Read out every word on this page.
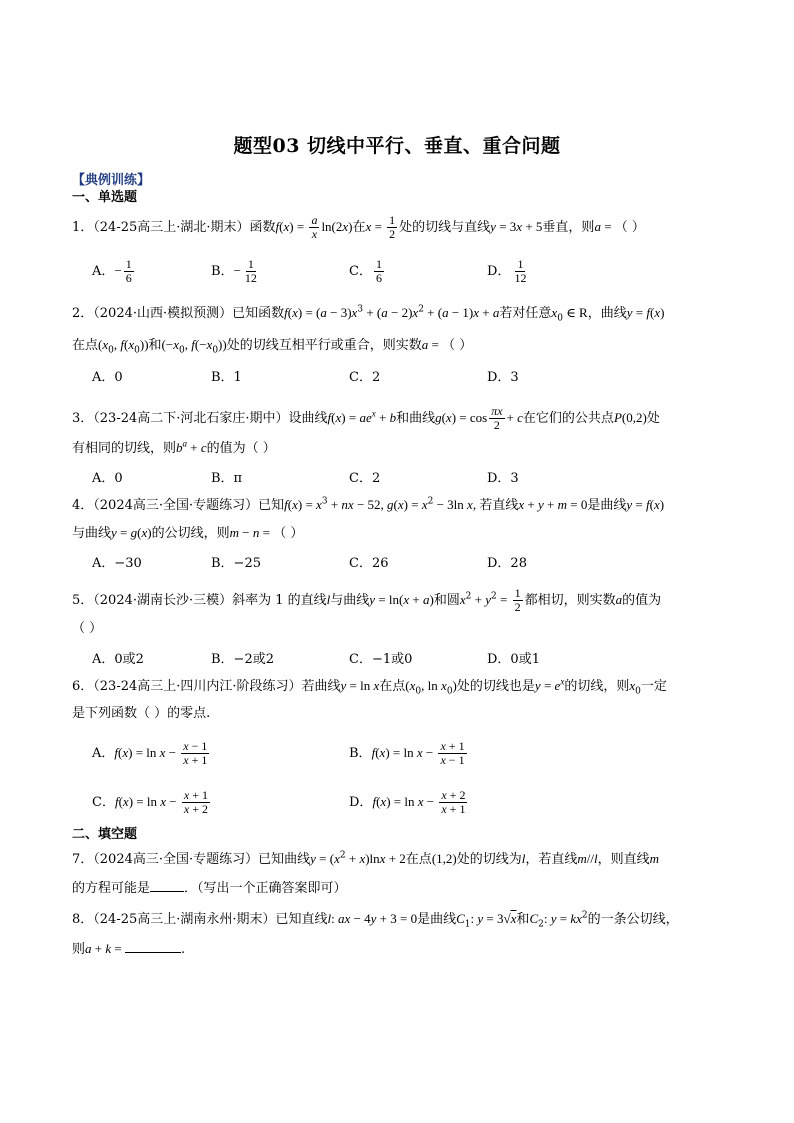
题型03 切线中平行、垂直、重合问题
【典例训练】
一、单选题
1．（24-25高三上·湖北·期末）函数$f(x) = \frac{a}{x} \ln(2x)$在$x = \frac{1}{2}$ 处的切线与直线y = 3x + 5垂直，则a = （ ）
A．− $\frac{1}{6}$	B．− $\frac{1}{12}$	C． $\frac{1}{6}$	D． $\frac{1}{12}$
2．（2024·山西·模拟预测）已知函数$f(x) = (a - 3)x^3 + (a - 2)x^2 + (a - 1)x + a$若对任意$x_0$ ∈ R，曲线y = f(x)
在点($x_0$, $f(x_0)$)和($-x_0$, $f(-x_0)$)处的切线互相平行或重合，则实数a = （ ）
A．0	B．1	C．2	D．3
3．（23-24高二下·河北石家庄·期中）设曲线$f(x) = ae^x + b$和曲线$g(x) = \cos \frac{\pi x}{2} + c$在它们的公共点P(0,2)处
有相同的切线，则$b^a + c$的值为（ ）
A．0	B．π	C．2	D．3
4．（2024高三·全国·专题练习）已知$f(x) = x^3$ + nx − 52, $g(x) = x^2 - 3\ln$ x, 若直线x + y + m = 0是曲线y = f(x)
与曲线y = g(x)的公切线，则m − n = （ ）
A．−30	B．−25	C．26	D．28
5．（2024·湖南长沙·三模）斜率为 1 的直线l与曲线y = ln(x + a)和圆$x^2 + y^2 = \frac{1}{2}$ 都相切，则实数a的值为
（ ）
A．0或2	B．−2或2	C．−1或0	D．0或1
6．（23-24高三上·四川内江·阶段练习）若曲线y = ln x在点($x_0$, $\ln x_0$)处的切线也是$y = e^x$的切线，则$x_0$一定
是下列函数（ ）的零点.
A．$f(x) = \ln x - \frac{x - 1}{x + 1}$	B．$f(x) = \ln x - \frac{x + 1}{x - 1}$
C．$f(x) = \ln x - \frac{x + 1}{x + 2}$	D．$f(x) = \ln x - \frac{x + 2}{x + 1}$
二、填空题
7．（2024高三·全国·专题练习）已知曲线$y = (x^2 + x)\ln x + 2$在点(1,2)处的切线为l，若直线m//l，则直线m
的方程可能是	．（写出一个正确答案即可）
8．（24-25高三上·湖南永州·期末）已知直线l: ax − 4y + 3 = 0是曲线$C_1$: y = 3√x和$C_2$: $y = kx^2$的一条公切线，
则a + k =	.
